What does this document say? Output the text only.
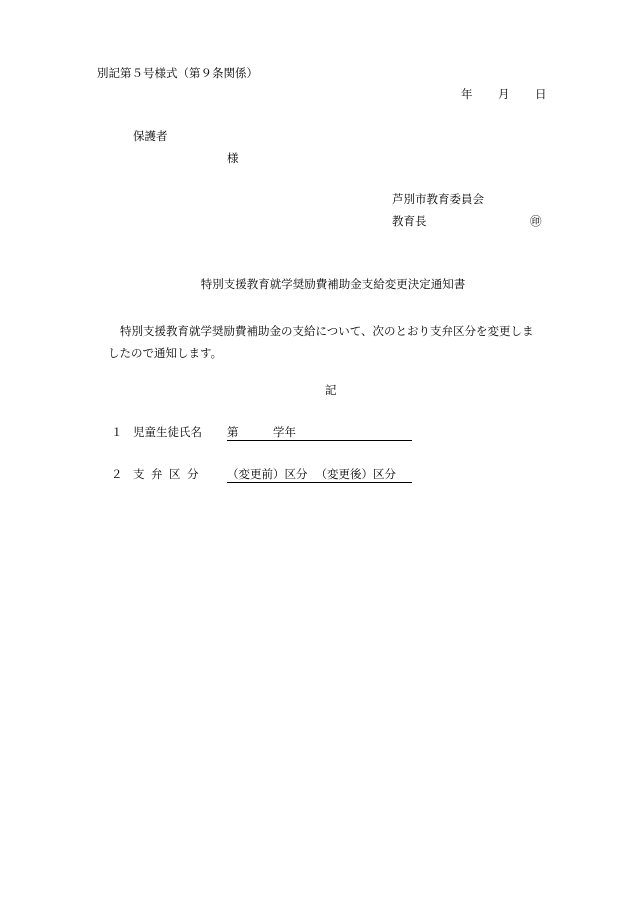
別記第５号様式（第９条関係）
年 月 日
保護者
様
芦別市教育委員会
教育長	㊞
特別支援教育就学奨励費補助金支給変更決定通知書
特別支援教育就学奨励費補助金の支給について、次のとおり支弁区分を変更しましたので通知します。
記
１ 児童生徒氏名 第	学年
２ 支 弁 区 分 （変更前）区分 （変更後）区分
